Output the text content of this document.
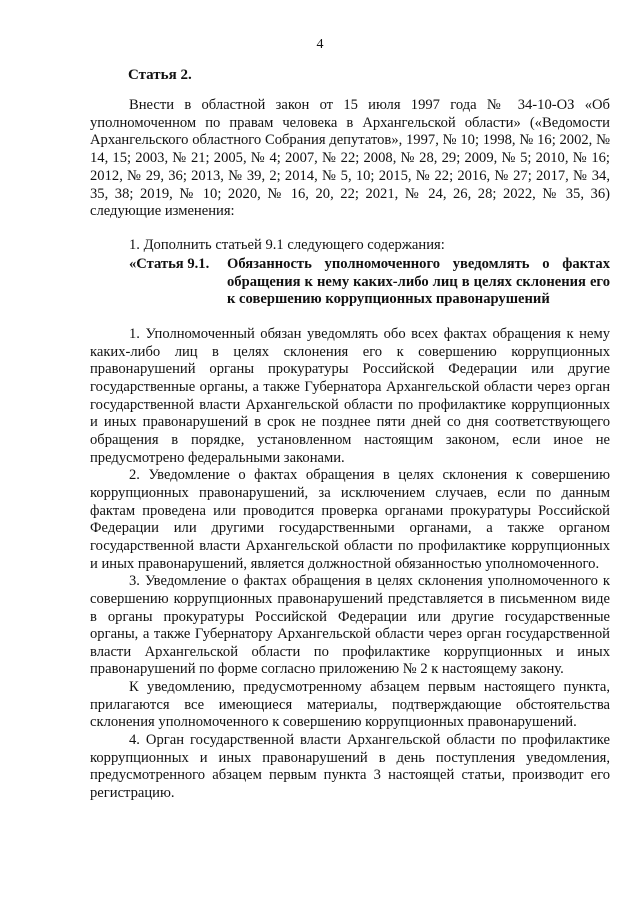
4
Статья 2.

Внести в областной закон от 15 июля 1997 года № 34-10-ОЗ «Об уполномоченном по правам человека в Архангельской области» («Ведомости Архангельского областного Собрания депутатов», 1997, № 10; 1998, № 16; 2002, № 14, 15; 2003, № 21; 2005, № 4; 2007, № 22; 2008, № 28, 29; 2009, № 5; 2010, № 16; 2012, № 29, 36; 2013, № 39, 2; 2014, № 5, 10; 2015, № 22; 2016, № 27; 2017, № 34, 35, 38; 2019, № 10; 2020, № 16, 20, 22; 2021, № 24, 26, 28; 2022, № 35, 36) следующие изменения:

1. Дополнить статьей 9.1 следующего содержания:

«Статья 9.1.	Обязанность уполномоченного уведомлять о фактах обращения к нему каких-либо лиц в целях склонения его к совершению коррупционных правонарушений

1. Уполномоченный обязан уведомлять обо всех фактах обращения к нему каких-либо лиц в целях склонения его к совершению коррупционных правонарушений органы прокуратуры Российской Федерации или другие государственные органы, а также Губернатора Архангельской области через орган государственной власти Архангельской области по профилактике коррупционных и иных правонарушений в срок не позднее пяти дней со дня соответствующего обращения в порядке, установленном настоящим законом, если иное не предусмотрено федеральными законами.

2. Уведомление о фактах обращения в целях склонения к совершению коррупционных правонарушений, за исключением случаев, если по данным фактам проведена или проводится проверка органами прокуратуры Российской Федерации или другими государственными органами, а также органом государственной власти Архангельской области по профилактике коррупционных и иных правонарушений, является должностной обязанностью уполномоченного.

3. Уведомление о фактах обращения в целях склонения уполномоченного к совершению коррупционных правонарушений представляется в письменном виде в органы прокуратуры Российской Федерации или другие государственные органы, а также Губернатору Архангельской области через орган государственной власти Архангельской области по профилактике коррупционных и иных правонарушений по форме согласно приложению № 2 к настоящему закону.

К уведомлению, предусмотренному абзацем первым настоящего пункта, прилагаются все имеющиеся материалы, подтверждающие обстоятельства склонения уполномоченного к совершению коррупционных правонарушений.

4. Орган государственной власти Архангельской области по профилактике коррупционных и иных правонарушений в день поступления уведомления, предусмотренного абзацем первым пункта 3 настоящей статьи, производит его регистрацию.
